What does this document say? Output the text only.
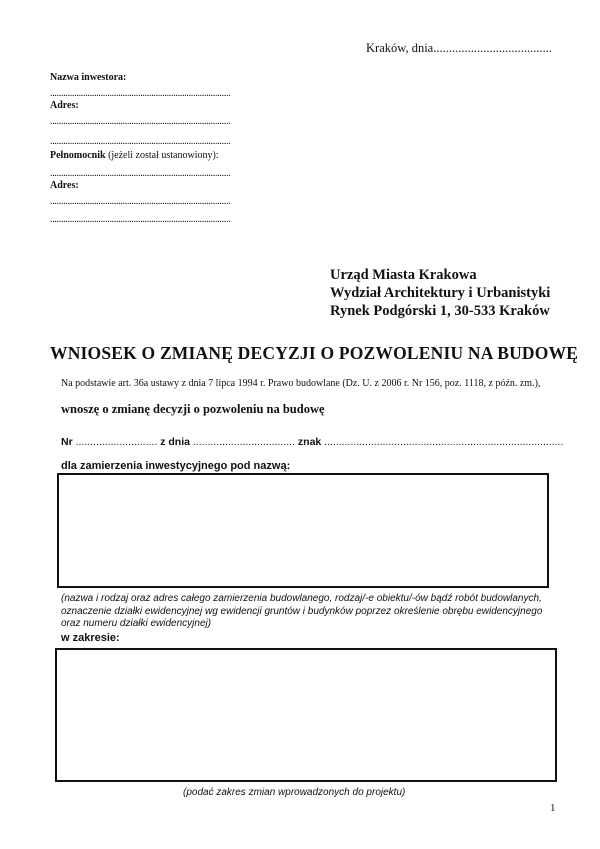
Kraków, dnia......................................
Nazwa inwestora:
..................................................................................
Adres:
..................................................................................
..................................................................................
Pełnomocnik (jeżeli został ustanowiony):
..................................................................................
Adres:
..................................................................................
..................................................................................
Urząd Miasta Krakowa
Wydział Architektury i Urbanistyki
Rynek Podgórski 1, 30-533 Kraków
WNIOSEK O ZMIANĘ DECYZJI O POZWOLENIU NA BUDOWĘ
Na podstawie art. 36a ustawy z dnia 7 lipca 1994 r. Prawo budowlane (Dz. U. z 2006 r. Nr 156, poz. 1118, z późn. zm.),
wnoszę o zmianę decyzji o pozwoleniu na budowę
Nr ............................ z dnia ................................... znak ..................................................................................
dla zamierzenia inwestycyjnego pod nazwą:
(nazwa i rodzaj oraz adres całego zamierzenia budowlanego, rodzaj/-e obiektu/-ów bądź robót budowlanych, oznaczenie działki ewidencyjnej wg ewidencji gruntów i budynków poprzez określenie obrębu ewidencyjnego oraz numeru działki ewidencyjnej)
w zakresie:
(podać zakres zmian wprowadzonych do projektu)
1
